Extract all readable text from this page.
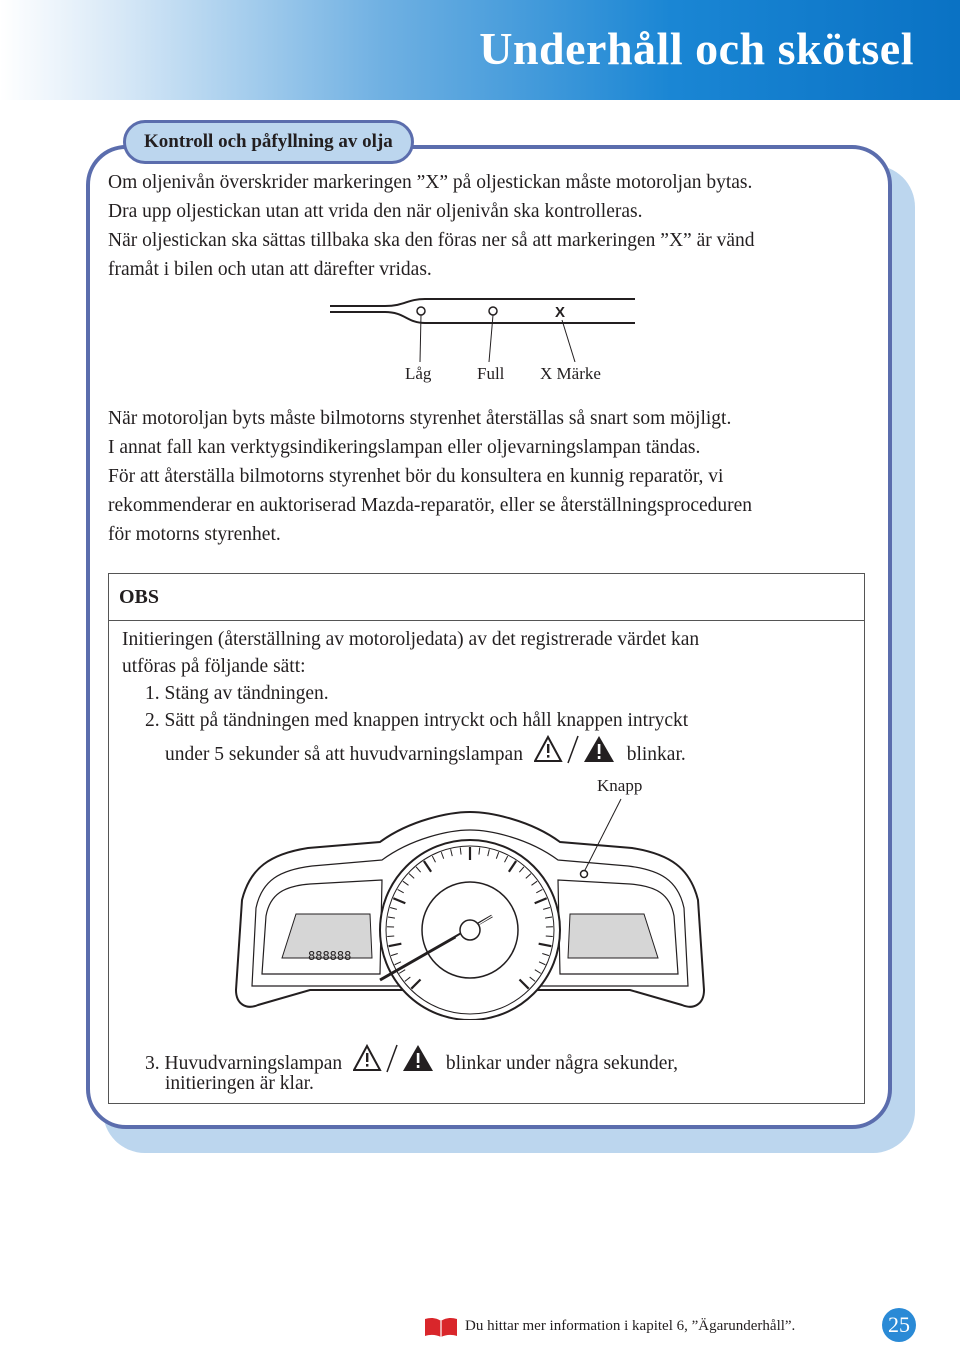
Underhåll och skötsel
Kontroll och påfyllning av olja

Om oljenivån överskrider markeringen ”X” på oljestickan måste motoroljan bytas.
Dra upp oljestickan utan att vrida den när oljenivån ska kontrolleras.
När oljestickan ska sättas tillbaka ska den föras ner så att markeringen ”X” är vänd
framåt i bilen och utan att därefter vridas.

X
Låg	Full X Märke

När motoroljan byts måste bilmotorns styrenhet återställas så snart som möjligt.
I annat fall kan verktygsindikeringslampan eller oljevarningslampan tändas.
För att återställa bilmotorns styrenhet bör du konsultera en kunnig reparatör, vi
rekommenderar en auktoriserad Mazda-reparatör, eller se återställningsproceduren
för motorns styrenhet.

OBS
Initieringen (återställning av motoroljedata) av det registrerade värdet kan
utföras på följande sätt:
1. Stäng av tändningen.
2. Sätt på tändningen med knappen intryckt och håll knappen intryckt
under 5 sekunder så att huvudvarningslampan	blinkar.
Knapp
888888
3. Huvudvarningslampan	blinkar under några sekunder,
initieringen är klar.
Du hittar mer information i kapitel 6, ”Ägarunderhåll”.	25
